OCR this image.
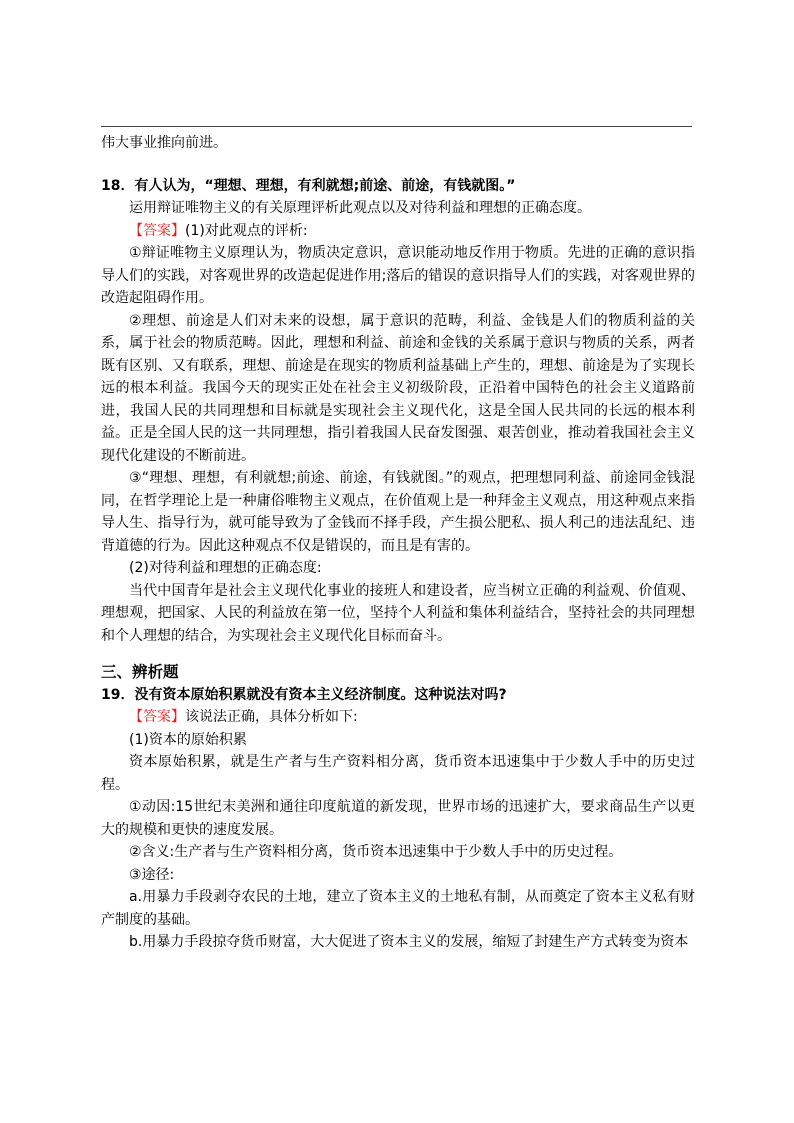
伟大事业推向前进。

18．有人认为，“理想、理想，有利就想;前途、前途，有钱就图。”

运用辩证唯物主义的有关原理评析此观点以及对待利益和理想的正确态度。

【答案】(1)对此观点的评析:

①辩证唯物主义原理认为，物质决定意识，意识能动地反作用于物质。先进的正确的意识指导人们的实践，对客观世界的改造起促进作用;落后的错误的意识指导人们的实践，对客观世界的改造起阻碍作用。

②理想、前途是人们对未来的设想，属于意识的范畴，利益、金钱是人们的物质利益的关系，属于社会的物质范畴。因此，理想和利益、前途和金钱的关系属于意识与物质的关系，两者既有区别、又有联系，理想、前途是在现实的物质利益基础上产生的，理想、前途是为了实现长远的根本利益。我国今天的现实正处在社会主义初级阶段，正沿着中国特色的社会主义道路前进，我国人民的共同理想和目标就是实现社会主义现代化，这是全国人民共同的长远的根本利益。正是全国人民的这一共同理想，指引着我国人民奋发图强、艰苦创业，推动着我国社会主义现代化建设的不断前进。

③“理想、理想，有利就想;前途、前途，有钱就图。”的观点，把理想同利益、前途同金钱混同，在哲学理论上是一种庸俗唯物主义观点，在价值观上是一种拜金主义观点，用这种观点来指导人生、指导行为，就可能导致为了金钱而不择手段，产生损公肥私、损人利己的违法乱纪、违背道德的行为。因此这种观点不仅是错误的，而且是有害的。

(2)对待利益和理想的正确态度:

当代中国青年是社会主义现代化事业的接班人和建设者，应当树立正确的利益观、价值观、理想观，把国家、人民的利益放在第一位，坚持个人利益和集体利益结合，坚持社会的共同理想和个人理想的结合，为实现社会主义现代化目标而奋斗。

三、辨析题

19．没有资本原始积累就没有资本主义经济制度。这种说法对吗?

【答案】该说法正确，具体分析如下:

(1)资本的原始积累

资本原始积累，就是生产者与生产资料相分离，货币资本迅速集中于少数人手中的历史过程。

①动因:15世纪末美洲和通往印度航道的新发现，世界市场的迅速扩大，要求商品生产以更大的规模和更快的速度发展。

②含义:生产者与生产资料相分离，货币资本迅速集中于少数人手中的历史过程。

③途径:

a.用暴力手段剥夺农民的土地，建立了资本主义的土地私有制，从而奠定了资本主义私有财产制度的基础。

b.用暴力手段掠夺货币财富，大大促进了资本主义的发展，缩短了封建生产方式转变为资本
